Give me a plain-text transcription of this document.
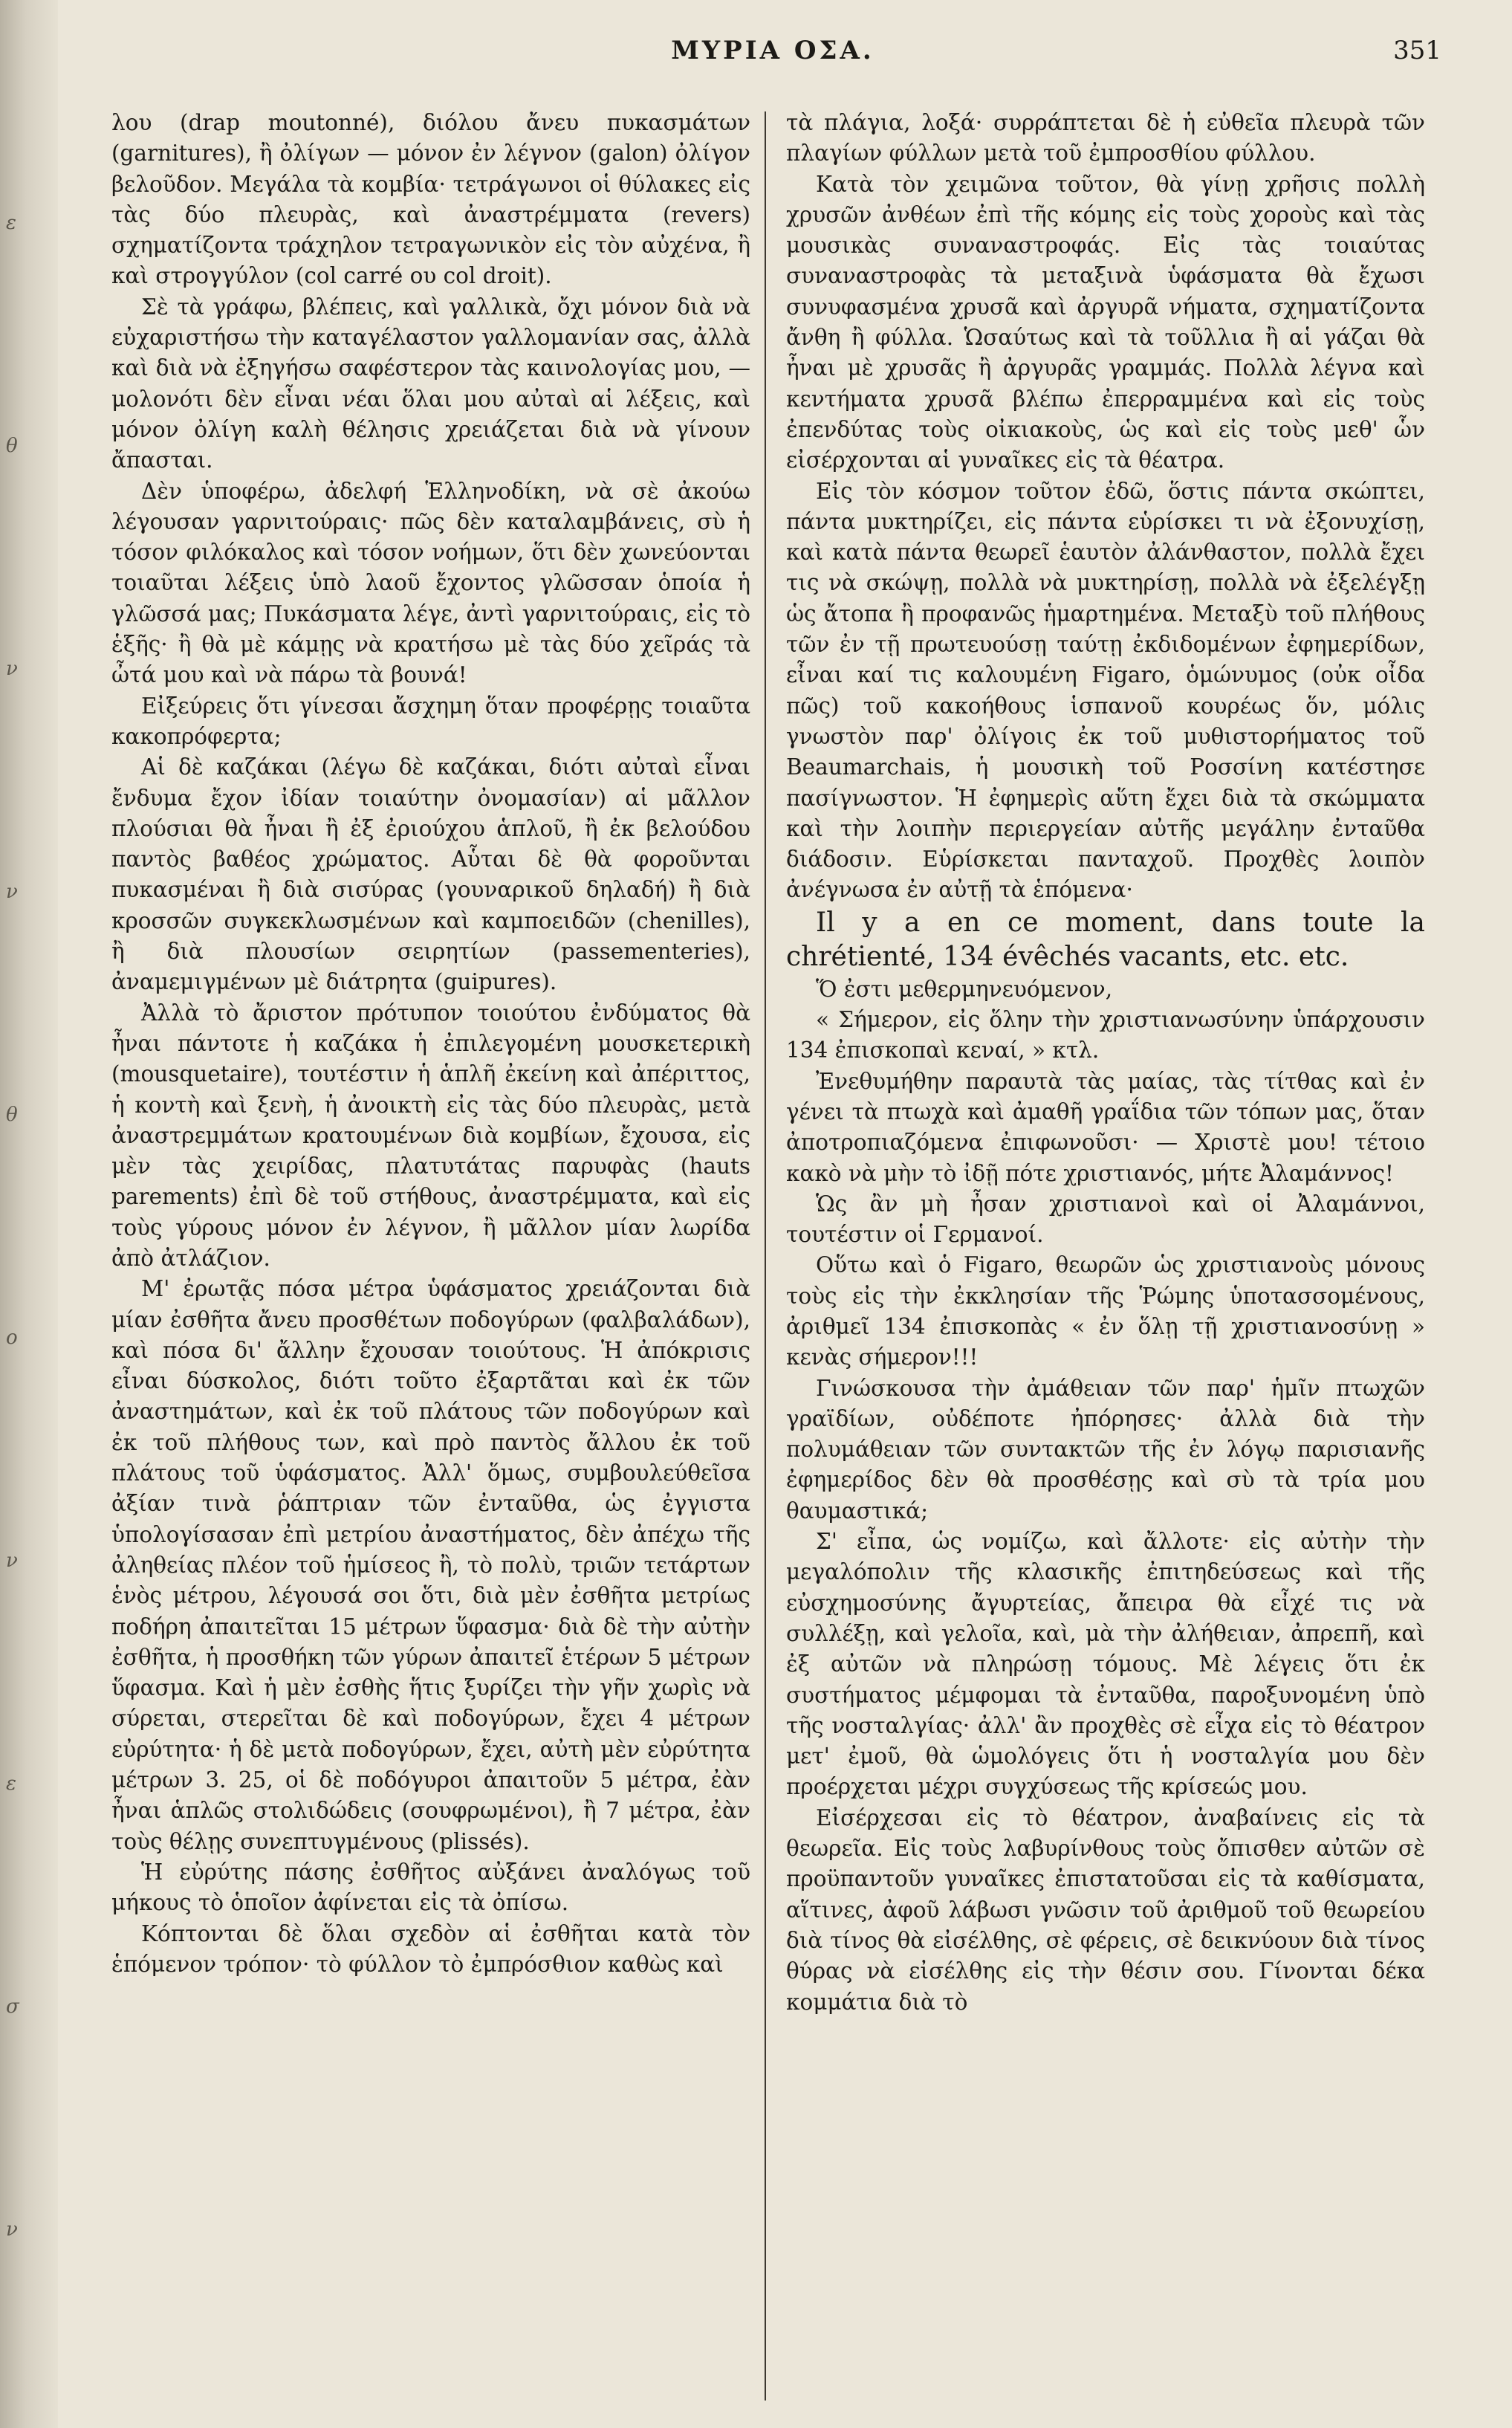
ε
θ
ν
ν
θ
ο
ν
ε
σ
ν
ΜΥΡΙΑ ΟΣΑ.	351

λου (drap moutonné), διόλου ἄνευ πυκασμάτων (garnitures), ἢ ὀλίγων — μόνον ἐν λέγνον (galon) ὀλίγον βελοῦδον. Μεγάλα τὰ κομβία· τετράγωνοι οἱ θύλακες εἰς τὰς δύο πλευρὰς, καὶ ἀναστρέμματα (revers) σχηματίζοντα τράχηλον τετραγωνικὸν εἰς τὸν αὐχένα, ἢ καὶ στρογγύλον (col carré ου col droit).

Σὲ τὰ γράφω, βλέπεις, καὶ γαλλικὰ, ὄχι μόνον διὰ νὰ εὐχαριστήσω τὴν καταγέλαστον γαλλομανίαν σας, ἀλλὰ καὶ διὰ νὰ ἐξηγήσω σαφέστερον τὰς καινολογίας μου, — μολονότι δὲν εἶναι νέαι ὅλαι μου αὐταὶ αἱ λέξεις, καὶ μόνον ὀλίγη καλὴ θέλησις χρειάζεται διὰ νὰ γίνουν ἄπασται.

Δὲν ὑποφέρω, ἀδελφή Ἑλληνοδίκη, νὰ σὲ ἀκούω λέγουσαν γαρνιτούραις· πῶς δὲν καταλαμβάνεις, σὺ ἡ τόσον φιλόκαλος καὶ τόσον νοήμων, ὅτι δὲν χωνεύονται τοιαῦται λέξεις ὑπὸ λαοῦ ἔχοντος γλῶσσαν ὁποία ἡ γλῶσσά μας; Πυκάσματα λέγε, ἀντὶ γαρνιτούραις, εἰς τὸ ἑξῆς· ἢ θὰ μὲ κάμῃς νὰ κρατήσω μὲ τὰς δύο χεῖράς τὰ ὦτά μου καὶ νὰ πάρω τὰ βουνά!

Εἰξεύρεις ὅτι γίνεσαι ἄσχημη ὅταν προφέρῃς τοιαῦτα κακοπρόφερτα;

Αἱ δὲ καζάκαι (λέγω δὲ καζάκαι, διότι αὐταὶ εἶναι ἔνδυμα ἔχον ἰδίαν τοιαύτην ὀνομασίαν) αἱ μᾶλλον πλούσιαι θὰ ἦναι ἢ ἐξ ἐριούχου ἁπλοῦ, ἢ ἐκ βελούδου παντὸς βαθέος χρώματος. Αὗται δὲ θὰ φοροῦνται πυκασμέναι ἢ διὰ σισύρας (γουναρικοῦ δηλαδή) ἢ διὰ κροσσῶν συγκεκλωσμένων καὶ καμποειδῶν (chenilles), ἢ διὰ πλουσίων σειρητίων (passementeries), ἀναμεμιγμένων μὲ διάτρητα (guipures).

Ἀλλὰ τὸ ἄριστον πρότυπον τοιούτου ἐνδύματος θὰ ἦναι πάντοτε ἡ καζάκα ἡ ἐπιλεγομένη μουσκετερικὴ (mousquetaire), τουτέστιν ἡ ἁπλῆ ἐκείνη καὶ ἀπέριττος, ἡ κοντὴ καὶ ξενὴ, ἡ ἀνοικτὴ εἰς τὰς δύο πλευρὰς, μετὰ ἀναστρεμμάτων κρατουμένων διὰ κομβίων, ἔχουσα, εἰς μὲν τὰς χειρίδας, πλατυτάτας παρυφὰς (hauts parements) ἐπὶ δὲ τοῦ στήθους, ἀναστρέμματα, καὶ εἰς τοὺς γύρους μόνον ἐν λέγνον, ἢ μᾶλλον μίαν λωρίδα ἀπὸ ἀτλάζιον.

Μ' ἐρωτᾷς πόσα μέτρα ὑφάσματος χρειάζονται διὰ μίαν ἐσθῆτα ἄνευ προσθέτων ποδογύρων (φαλβαλάδων), καὶ πόσα δι' ἄλλην ἔχουσαν τοιούτους. Ἡ ἀπόκρισις εἶναι δύσκολος, διότι τοῦτο ἐξαρτᾶται καὶ ἐκ τῶν ἀναστημάτων, καὶ ἐκ τοῦ πλάτους τῶν ποδογύρων καὶ ἐκ τοῦ πλήθους των, καὶ πρὸ παντὸς ἄλλου ἐκ τοῦ πλάτους τοῦ ὑφάσματος. Ἀλλ' ὅμως, συμβουλεύθεῖσα ἀξίαν τινὰ ῥάπτριαν τῶν ἐνταῦθα, ὡς ἐγγιστα ὑπολογίσασαν ἐπὶ μετρίου ἀναστήματος, δὲν ἀπέχω τῆς ἀληθείας πλέον τοῦ ἡμίσεος ἢ, τὸ πολὺ, τριῶν τετάρτων ἑνὸς μέτρου, λέγουσά σοι ὅτι, διὰ μὲν ἐσθῆτα μετρίως ποδήρη ἀπαιτεῖται 15 μέτρων ὕφασμα· διὰ δὲ τὴν αὐτὴν ἐσθῆτα, ἡ προσθήκη τῶν γύρων ἀπαιτεῖ ἑτέρων 5 μέτρων ὕφασμα. Καὶ ἡ μὲν ἐσθὴς ἥτις ξυρίζει τὴν γῆν χωρὶς νὰ σύρεται, στερεῖται δὲ καὶ ποδογύρων, ἔχει 4 μέτρων εὐρύτητα· ἡ δὲ μετὰ ποδογύρων, ἔχει, αὐτὴ μὲν εὐρύτητα μέτρων 3. 25, οἱ δὲ ποδόγυροι ἀπαιτοῦν 5 μέτρα, ἐὰν ἦναι ἁπλῶς στολιδώδεις (σουφρωμένοι), ἢ 7 μέτρα, ἐὰν τοὺς θέλῃς συνεπτυγμένους (plissés).

Ἡ εὐρύτης πάσης ἐσθῆτος αὐξάνει ἀναλόγως τοῦ μήκους τὸ ὁποῖον ἀφίνεται εἰς τὰ ὀπίσω.

Κόπτονται δὲ ὅλαι σχεδὸν αἱ ἐσθῆται κατὰ τὸν ἑπόμενον τρόπον· τὸ φύλλον τὸ ἐμπρόσθιον καθὼς καὶ

τὰ πλάγια, λοξά· συρράπτεται δὲ ἡ εὐθεῖα πλευρὰ τῶν πλαγίων φύλλων μετὰ τοῦ ἐμπροσθίου φύλλου.

Κατὰ τὸν χειμῶνα τοῦτον, θὰ γίνῃ χρῆσις πολλὴ χρυσῶν ἀνθέων ἐπὶ τῆς κόμης εἰς τοὺς χοροὺς καὶ τὰς μουσικὰς συναναστροφάς. Εἰς τὰς τοιαύτας συναναστροφὰς τὰ μεταξινὰ ὑφάσματα θὰ ἔχωσι συνυφασμένα χρυσᾶ καὶ ἀργυρᾶ νήματα, σχηματίζοντα ἄνθη ἢ φύλλα. Ὡσαύτως καὶ τὰ τοῦλλια ἢ αἱ γάζαι θὰ ἦναι μὲ χρυσᾶς ἢ ἀργυρᾶς γραμμάς. Πολλὰ λέγνα καὶ κεντήματα χρυσᾶ βλέπω ἐπερραμμένα καὶ εἰς τοὺς ἐπενδύτας τοὺς οἰκιακοὺς, ὡς καὶ εἰς τοὺς μεθ' ὧν εἰσέρχονται αἱ γυναῖκες εἰς τὰ θέατρα.

Εἰς τὸν κόσμον τοῦτον ἐδῶ, ὅστις πάντα σκώπτει, πάντα μυκτηρίζει, εἰς πάντα εὑρίσκει τι νὰ ἐξονυχίσῃ, καὶ κατὰ πάντα θεωρεῖ ἑαυτὸν ἀλάνθαστον, πολλὰ ἔχει τις νὰ σκώψῃ, πολλὰ νὰ μυκτηρίσῃ, πολλὰ νὰ ἐξελέγξῃ ὡς ἄτοπα ἢ προφανῶς ἡμαρτημένα. Μεταξὺ τοῦ πλήθους τῶν ἐν τῇ πρωτευούσῃ ταύτῃ ἐκδιδομένων ἐφημερίδων, εἶναι καί τις καλουμένη Figaro, ὁμώνυμος (οὐκ οἶδα πῶς) τοῦ κακοήθους ἱσπανοῦ κουρέως ὅν, μόλις γνωστὸν παρ' ὀλίγοις ἐκ τοῦ μυθιστορήματος τοῦ Beaumarchais, ἡ μουσικὴ τοῦ Ροσσίνη κατέστησε πασίγνωστον. Ἡ ἐφημερὶς αὕτη ἔχει διὰ τὰ σκώμματα καὶ τὴν λοιπὴν περιεργείαν αὐτῆς μεγάλην ἐνταῦθα διάδοσιν. Εὑρίσκεται πανταχοῦ. Προχθὲς λοιπὸν ἀνέγνωσα ἐν αὐτῇ τὰ ἑπόμενα·

Il y a en ce moment, dans toute la chrétienté, 134 évêchés vacants, etc. etc.

Ὅ ἐστι μεθερμηνευόμενον,

« Σήμερον, εἰς ὅλην τὴν χριστιανωσύνην ὑπάρχουσιν 134 ἐπισκοπαὶ κεναί, » κτλ.

Ἐνεθυμήθην παραυτὰ τὰς μαίας, τὰς τίτθας καὶ ἐν γένει τὰ πτωχὰ καὶ ἀμαθῆ γραΐδια τῶν τόπων μας, ὅταν ἀποτροπιαζόμενα ἐπιφωνοῦσι· — Χριστὲ μου! τέτοιο κακὸ νὰ μὴν τὸ ἰδῇ πότε χριστιανός, μήτε Ἀλαμάννος!

Ὡς ἂν μὴ ἦσαν χριστιανοὶ καὶ οἱ Ἀλαμάννοι, τουτέστιν οἱ Γερμανοί.

Οὕτω καὶ ὁ Figaro, θεωρῶν ὡς χριστιανοὺς μόνους τοὺς εἰς τὴν ἐκκλησίαν τῆς Ῥώμης ὑποτασσομένους, ἀριθμεῖ 134 ἐπισκοπὰς « ἐν ὅλῃ τῇ χριστιανοσύνῃ » κενὰς σήμερον!!!

Γινώσκουσα τὴν ἀμάθειαν τῶν παρ' ἡμῖν πτωχῶν γραϊδίων, οὐδέποτε ἠπόρησες· ἀλλὰ διὰ τὴν πολυμάθειαν τῶν συντακτῶν τῆς ἐν λόγῳ παρισιανῆς ἐφημερίδος δὲν θὰ προσθέσῃς καὶ σὺ τὰ τρία μου θαυμαστικά;

Σ' εἶπα, ὡς νομίζω, καὶ ἄλλοτε· εἰς αὐτὴν τὴν μεγαλόπολιν τῆς κλασικῆς ἐπιτηδεύσεως καὶ τῆς εὐσχημοσύνης ἄγυρτείας, ἄπειρα θὰ εἶχέ τις νὰ συλλέξῃ, καὶ γελοῖα, καὶ, μὰ τὴν ἀλήθειαν, ἀπρεπῆ, καὶ ἐξ αὐτῶν νὰ πληρώσῃ τόμους. Μὲ λέγεις ὅτι ἐκ συστήματος μέμφομαι τὰ ἐνταῦθα, παροξυνομένη ὑπὸ τῆς νοσταλγίας· ἀλλ' ἂν προχθὲς σὲ εἶχα εἰς τὸ θέατρον μετ' ἐμοῦ, θὰ ὡμολόγεις ὅτι ἡ νοσταλγία μου δὲν προέρχεται μέχρι συγχύσεως τῆς κρίσεώς μου.

Εἰσέρχεσαι εἰς τὸ θέατρον, ἀναβαίνεις εἰς τὰ θεωρεῖα. Εἰς τοὺς λαβυρίνθους τοὺς ὄπισθεν αὐτῶν σὲ προϋπαντοῦν γυναῖκες ἐπιστατοῦσαι εἰς τὰ καθίσματα, αἵτινες, ἀφοῦ λάβωσι γνῶσιν τοῦ ἀριθμοῦ τοῦ θεωρείου διὰ τίνος θὰ εἰσέλθης, σὲ φέρεις, σὲ δεικνύουν διὰ τίνος θύρας νὰ εἰσέλθης εἰς τὴν θέσιν σου. Γίνονται δέκα κομμάτια διὰ τὸ
